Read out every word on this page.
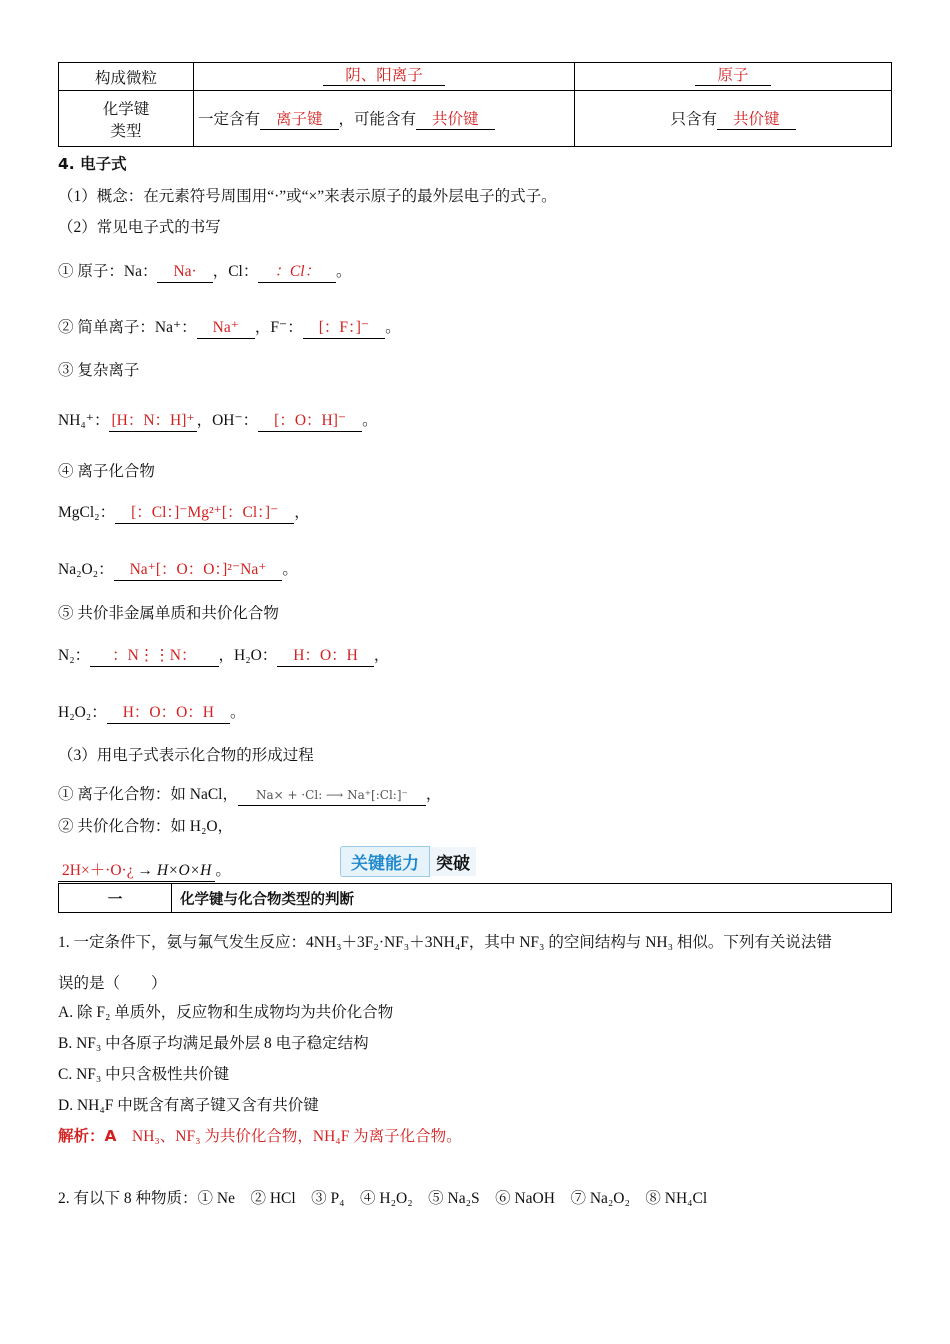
构成微粒	阴、阳离子	原子

化学键
类型	一定含有 离子键 ，可能含有 共价键	只含有 共价键
4. 电子式
（1）概念：在元素符号周围用“·”或“×”来表示原子的最外层电子的式子。
（2）常见电子式的书写
① 原子：Na： Na· ，Cl： ：Cl： 。
② 简单离子：Na⁺： Na⁺ ，F⁻： [：F：]⁻ 。
③ 复杂离子
NH₄⁺： [H：N：H]⁺ ，OH⁻： [：O：H]⁻ 。
④ 离子化合物
MgCl₂： [：Cl：]⁻Mg²⁺[：Cl：]⁻ ，
Na₂O₂： Na⁺[：O：O：]²⁻Na⁺ 。
⑤ 共价非金属单质和共价化合物
N₂： ：N⋮⋮N： ，H₂O： H：O：H ，
H₂O₂： H：O：O：H 。
（3）用电子式表示化合物的形成过程
① 离子化合物：如 NaCl， Na× + ·Cl: ⟶ Na⁺[:Cl:]⁻ ，
② 共价化合物：如 H₂O，
2H×＋·O·¿ → H×O×H 。	关键能力	突破
一	化学键与化合物类型的判断
1. 一定条件下，氨与氟气发生反应：4NH₃＋3F₂·NF₃＋3NH₄F，其中 NF₃ 的空间结构与 NH₃ 相似。下列有关说法错
误的是（　　）
A. 除 F₂ 单质外，反应物和生成物均为共价化合物
B. NF₃ 中各原子均满足最外层 8 电子稳定结构
C. NF₃ 中只含极性共价键
D. NH₄F 中既含有离子键又含有共价键
解析：A　 NH₃、NF₃ 为共价化合物，NH₄F 为离子化合物。
2. 有以下 8 种物质：① Ne　② HCl　③ P₄　④ H₂O₂　⑤ Na₂S　⑥ NaOH　⑦ Na₂O₂　⑧ NH₄Cl
